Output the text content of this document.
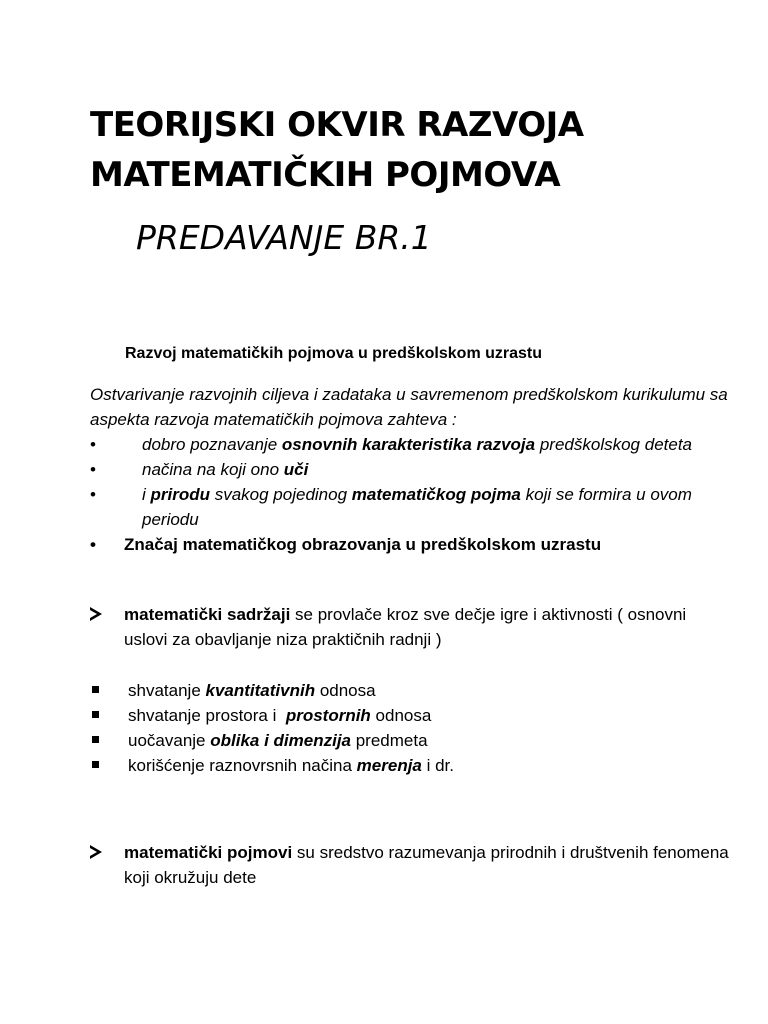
TEORIJSKI OKVIR RAZVOJA
MATEMATIČKIH POJMOVA
PREDAVANJE BR.1
Razvoj matematičkih pojmova u predškolskom uzrastu

Ostvarivanje razvojnih ciljeva i zadataka u savremenom predškolskom kurikulumu sa aspekta razvoja matematičkih pojmova zahteva :

•	dobro poznavanje osnovnih karakteristika razvoja predškolskog deteta
•	načina na koji ono uči
•	i prirodu svakog pojedinog matematičkog pojma koji se formira u ovom periodu
• Značaj matematičkog obrazovanja u predškolskom uzrastu

matematički sadržaji se provlače kroz sve dečje igre i aktivnosti ( osnovni uslovi za obavljanje niza praktičnih radnji )

shvatanje kvantitativnih odnosa
shvatanje prostora i  prostornih odnosa
uočavanje oblika i dimenzija predmeta
korišćenje raznovrsnih načina merenja i dr.

matematički pojmovi su sredstvo razumevanja prirodnih i društvenih fenomena koji okružuju dete
